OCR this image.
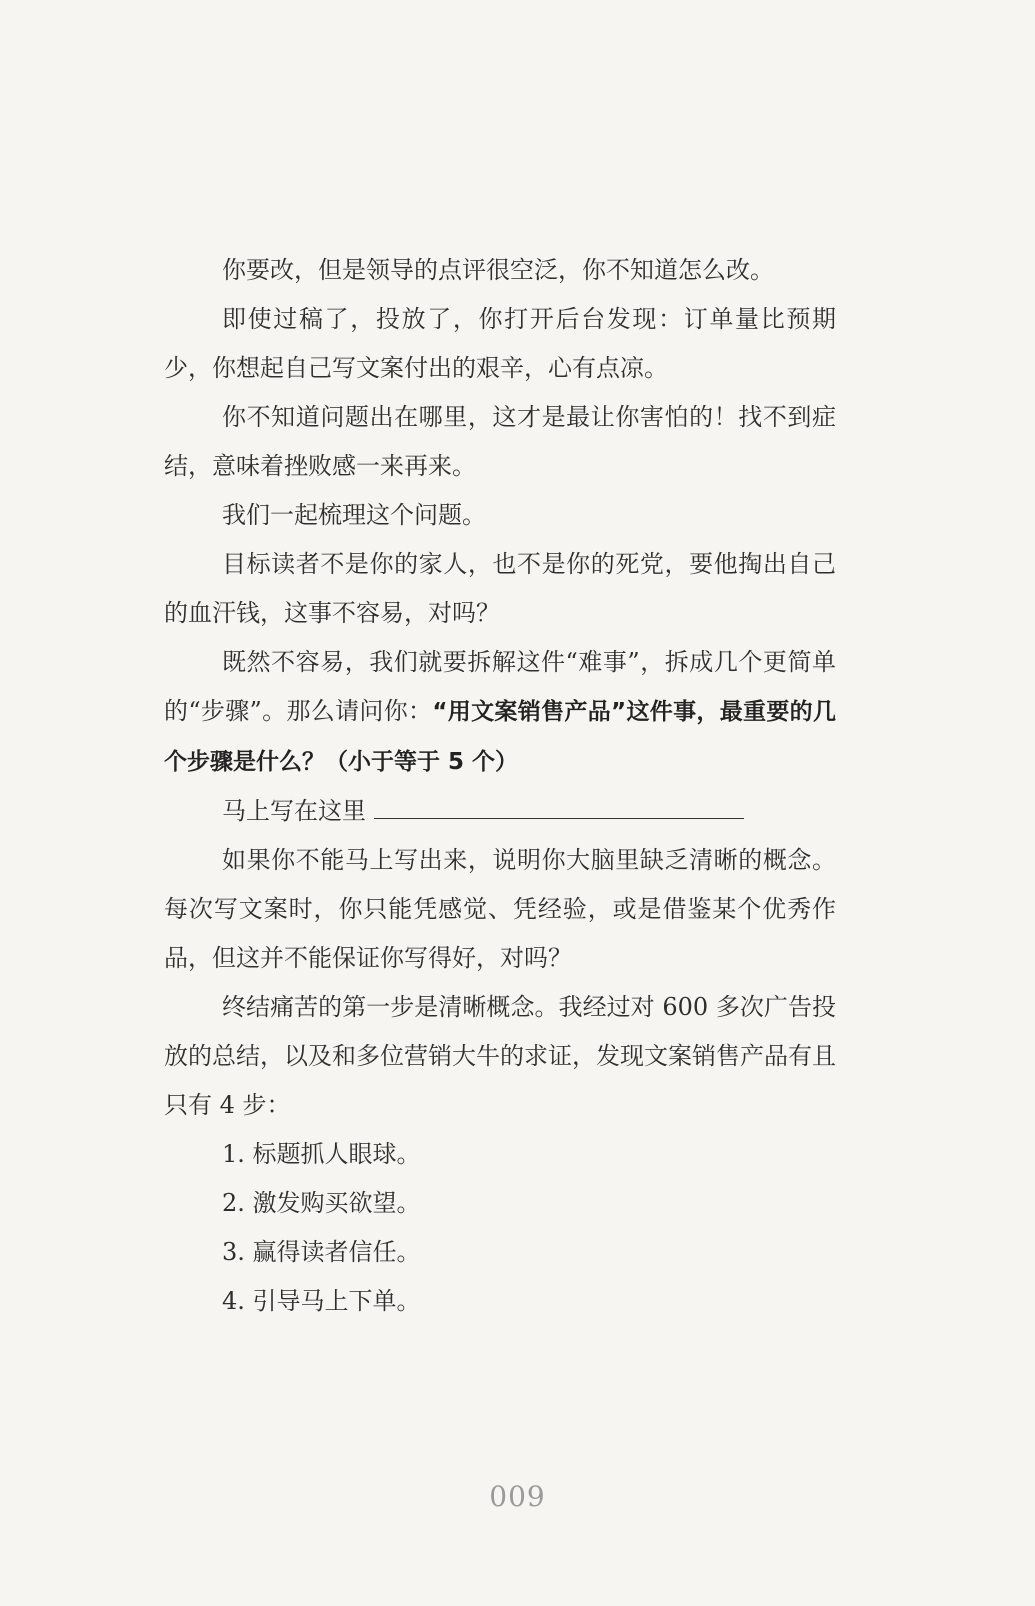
你要改，但是领导的点评很空泛，你不知道怎么改。

即使过稿了，投放了，你打开后台发现：订单量比预期少，你想起自己写文案付出的艰辛，心有点凉。

你不知道问题出在哪里，这才是最让你害怕的！找不到症结，意味着挫败感一来再来。

我们一起梳理这个问题。

目标读者不是你的家人，也不是你的死党，要他掏出自己的血汗钱，这事不容易，对吗？

既然不容易，我们就要拆解这件“难事”，拆成几个更简单的“步骤”。那么请问你：“用文案销售产品”这件事，最重要的几个步骤是什么？（小于等于 5 个）

马上写在这里

如果你不能马上写出来，说明你大脑里缺乏清晰的概念。每次写文案时，你只能凭感觉、凭经验，或是借鉴某个优秀作品，但这并不能保证你写得好，对吗？

终结痛苦的第一步是清晰概念。我经过对 600 多次广告投放的总结，以及和多位营销大牛的求证，发现文案销售产品有且只有 4 步：

1. 标题抓人眼球。

2. 激发购买欲望。

3. 赢得读者信任。

4. 引导马上下单。

009
